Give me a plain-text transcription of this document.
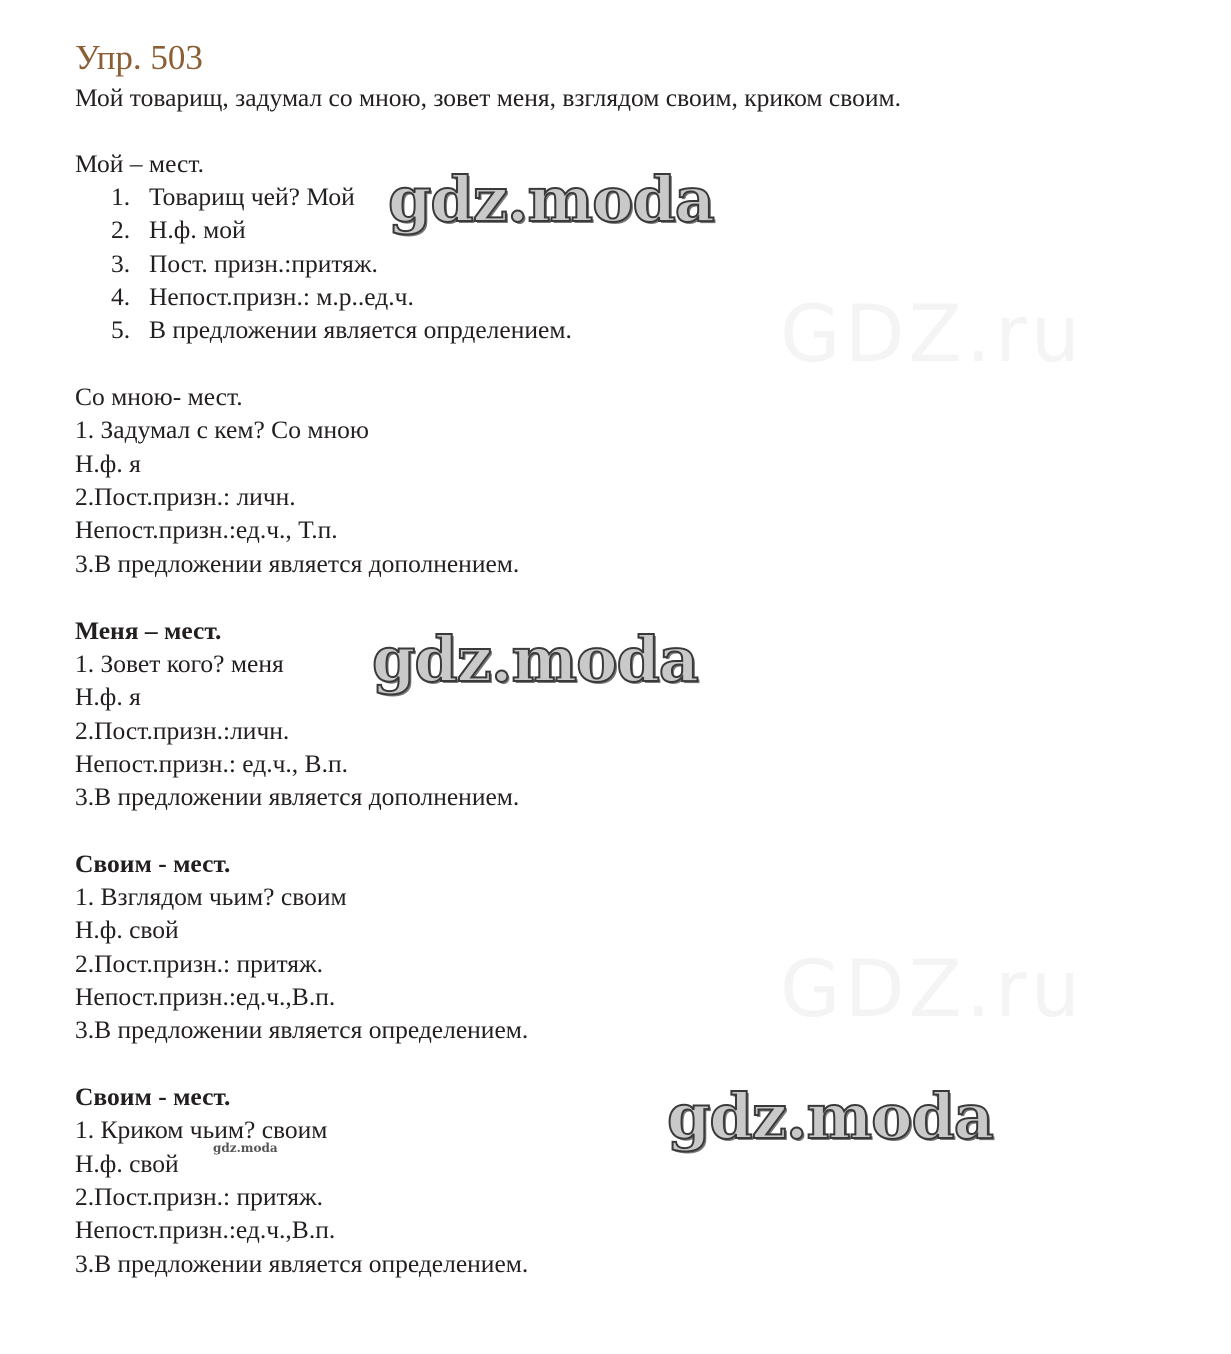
GDZ.ru
GDZ.ru
Упр. 503
Мой товарищ, задумал со мною, зовет меня, взглядом своим, криком своим.
Мой – мест.
1. Товарищ чей? Мой
2. Н.ф. мой
3. Пост. призн.:притяж.
4. Непост.призн.: м.р..ед.ч.
5. В предложении является опрделением.
Со мною- мест.
1. Задумал с кем? Со мною
Н.ф. я
2.Пост.призн.: личн.
Непост.призн.:ед.ч., Т.п.
3.В предложении является дополнением.
Меня – мест.
1. Зовет кого? меня
Н.ф. я
2.Пост.призн.:личн.
Непост.призн.: ед.ч., В.п.
3.В предложении является дополнением.
Своим - мест.
1. Взглядом чьим? своим
Н.ф. свой
2.Пост.призн.: притяж.
Непост.призн.:ед.ч.,В.п.
3.В предложении является определением.
Своим - мест.
1. Криком чьим? своим
Н.ф. свой
2.Пост.призн.: притяж.
Непост.призн.:ед.ч.,В.п.
3.В предложении является определением.
gdz.moda
gdz.moda
gdz.moda
gdz.moda
